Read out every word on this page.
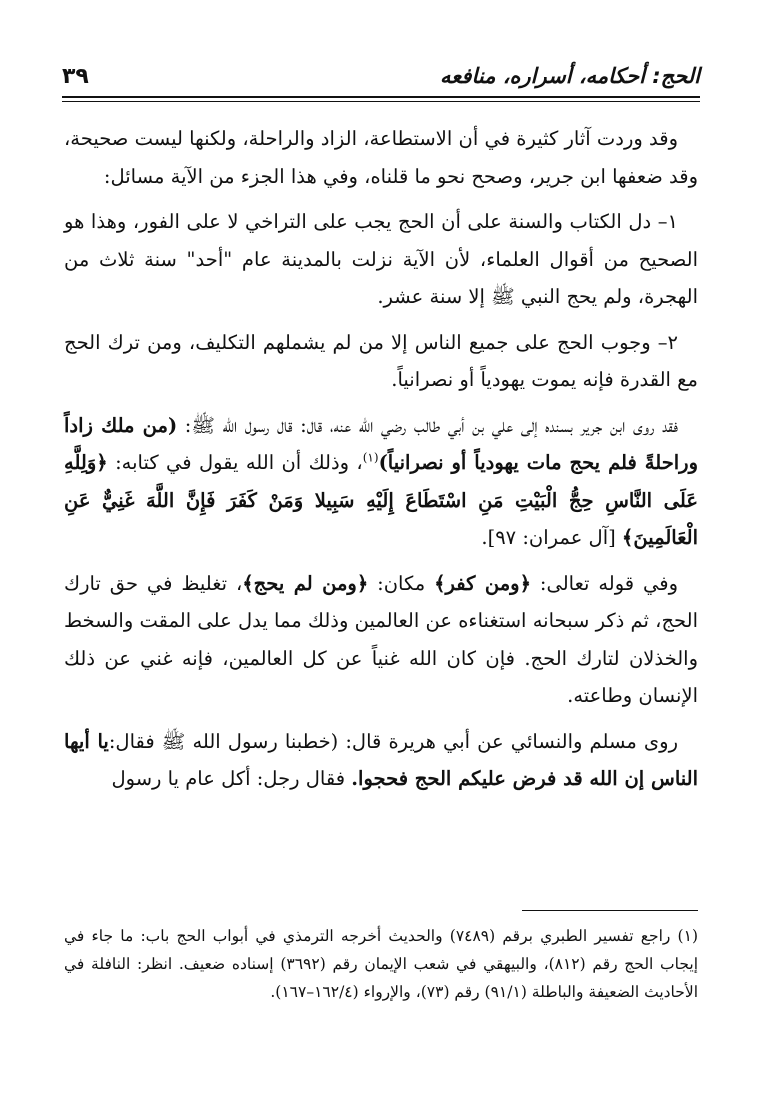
الحج: أحكامه، أسراره، منافعه
٣٩

وقد وردت آثار كثيرة في أن الاستطاعة، الزاد والراحلة، ولكنها ليست صحيحة، وقد ضعفها ابن جرير، وصحح نحو ما قلناه، وفي هذا الجزء من الآية مسائل:

١– دل الكتاب والسنة على أن الحج يجب على التراخي لا على الفور، وهذا هو الصحيح من أقوال العلماء، لأن الآية نزلت بالمدينة عام "أحد" سنة ثلاث من الهجرة، ولم يحج النبي ﷺ إلا سنة عشر.

٢– وجوب الحج على جميع الناس إلا من لم يشملهم التكليف، ومن ترك الحج مع القدرة فإنه يموت يهودياً أو نصرانياً.

فقد روى ابن جرير بسنده إلى علي بن أبي طالب رضي الله عنه، قال: قال رسول الله ﷺ: (من ملك زاداً وراحلةً فلم يحج مات يهودياً أو نصرانياً)$^{(١)}$، وذلك أن الله يقول في كتابه: ﴿وَلِلَّهِ عَلَى النَّاسِ حِجُّ الْبَيْتِ مَنِ اسْتَطَاعَ إِلَيْهِ سَبِيلا وَمَنْ كَفَرَ فَإِنَّ اللَّهَ غَنِيٌّ عَنِ الْعَالَمِينَ﴾ [آل عمران: ٩٧].

وفي قوله تعالى: ﴿ومن كفر﴾ مكان: ﴿ومن لم يحج﴾، تغليظ في حق تارك الحج، ثم ذكر سبحانه استغناءه عن العالمين وذلك مما يدل على المقت والسخط والخذلان لتارك الحج. فإن كان الله غنياً عن كل العالمين، فإنه غني عن ذلك الإنسان وطاعته.

روى مسلم والنسائي عن أبي هريرة قال: (خطبنا رسول الله ﷺ فقال:يا أيها الناس إن الله قد فرض عليكم الحج فحجوا. فقال رجل: أكل عام يا رسول

(١) راجع تفسير الطبري برقم (٧٤٨٩) والحديث أخرجه الترمذي في أبواب الحج باب: ما جاء في إيجاب الحج رقم (٨١٢)، والبيهقي في شعب الإيمان رقم (٣٦٩٢) إسناده ضعيف. انظر: النافلة في الأحاديث الضعيفة والباطلة (٩١/١) رقم (٧٣)، والإرواء (١٦٢/٤–١٦٧).
